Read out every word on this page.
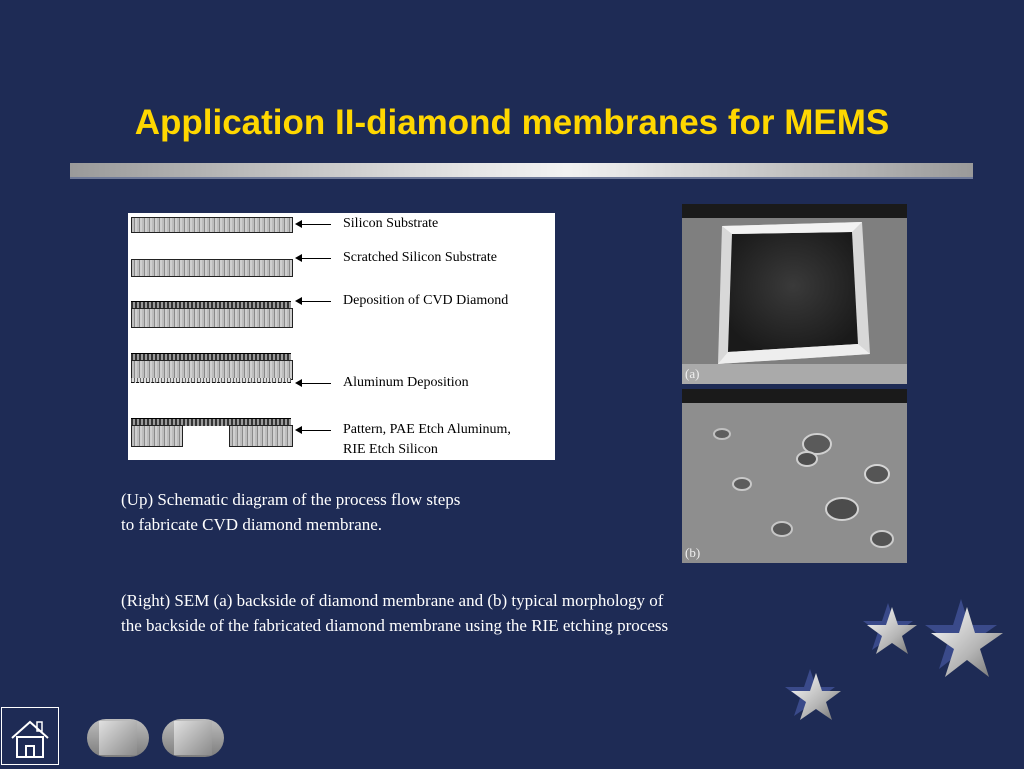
Application II-diamond membranes for MEMS
Silicon Substrate
Scratched Silicon Substrate
Deposition of CVD Diamond
Aluminum Deposition
Pattern, PAE Etch Aluminum,
RIE Etch Silicon
(a)
(b)

(Up) Schematic diagram of the process flow steps
to fabricate CVD diamond membrane.

(Right) SEM (a) backside of diamond membrane and (b) typical morphology of
the backside of the fabricated diamond membrane using the RIE etching process
